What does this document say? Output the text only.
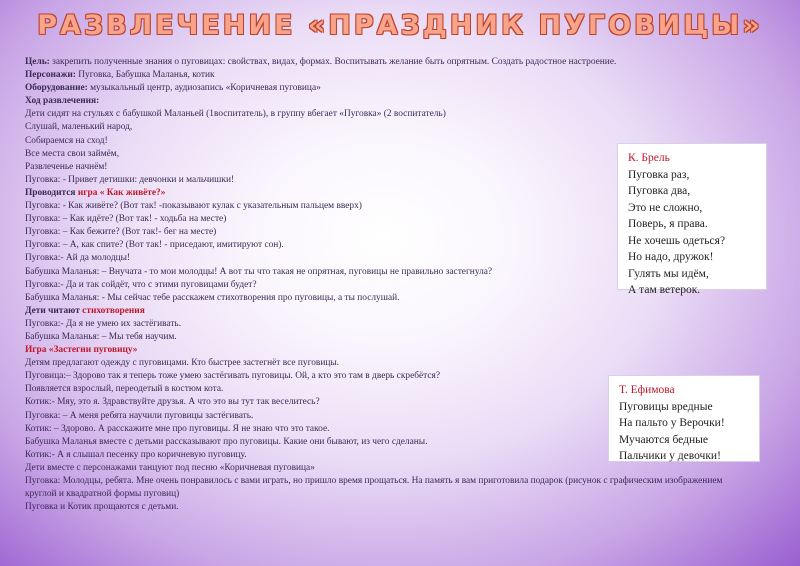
РАЗВЛЕЧЕНИЕ «ПРАЗДНИК ПУГОВИЦЫ»

Цель: закрепить полученные знания о пуговицах: свойствах, видах, формах. Воспитывать желание быть опрятным. Создать радостное настроение.

Персонажи: Пуговка, Бабушка Маланья, котик

Оборудование: музыкальный центр, аудиозапись «Коричневая пуговица»

Ход развлечения:

Дети сидят на стульях с бабушкой Маланьей (1воспитатель), в группу вбегает «Пуговка» (2 воспитатель)

Слушай, маленький народ,

Собираемся на сход!

Все места свои займём,

Развлеченье начнём!

Пуговка: - Привет детишки: девчонки и мальчишки!

Проводится игра « Как живёте?»

Пуговка: - Как живёте? (Вот так! -показывают кулак с указательным пальцем вверх)

Пуговка: – Как идёте? (Вот так! - ходьба на месте)

Пуговка: – Как бежите? (Вот так!- бег на месте)

Пуговка: – А, как спите? (Вот так! - приседают, имитируют сон).

Пуговка:- Ай да молодцы!

Бабушка Маланья: – Внучата - то мои молодцы! А вот ты что такая не опрятная, пуговицы не правильно застегнула?

Пуговка:- Да и так сойдёт, что с этими пуговицами будет?

Бабушка Маланья: - Мы сейчас тебе расскажем стихотворения про пуговицы, а ты послушай.

Дети читают стихотворения

Пуговка:- Да я не умею их застёгивать.

Бабушка Маланья: – Мы тебя научим.

Игра «Застегни пуговицу»

Детям предлагают одежду с пуговицами. Кто быстрее застегнёт все пуговицы.

Пуговица:– Здорово так я теперь тоже умею застёгивать пуговицы. Ой, а кто это там в дверь скребётся?

Появляется взрослый, переодетый в костюм кота.

Котик:- Мяу, это я. Здравствуйте друзья. А что это вы тут так веселитесь?

Пуговка: – А меня ребята научили пуговицы застёгивать.

Котик: – Здорово. А расскажите мне про пуговицы. Я не знаю что это такое.

Бабушка Маланья вместе с детьми рассказывают про пуговицы. Какие они бывают, из чего сделаны.

Котик:- А я слышал песенку про коричневую пуговицу.

Дети вместе с персонажами танцуют под песню «Коричневая пуговица»

Пуговка: Молодцы, ребята. Мне очень понравилось с вами играть, но пришло время прощаться. На память я вам приготовила подарок (рисунок с графическим изображением круглой и квадратной формы пуговиц)

Пуговка и Котик прощаются с детьми.

К. Брель
Пуговка раз,
Пуговка два,
Это не сложно,
Поверь, я права.
Не хочешь одеться?
Но надо, дружок!
Гулять мы идём,
А там ветерок.
Т. Ефимова
Пуговицы вредные
На пальто у Верочки!
Мучаются бедные
Пальчики у девочки!
